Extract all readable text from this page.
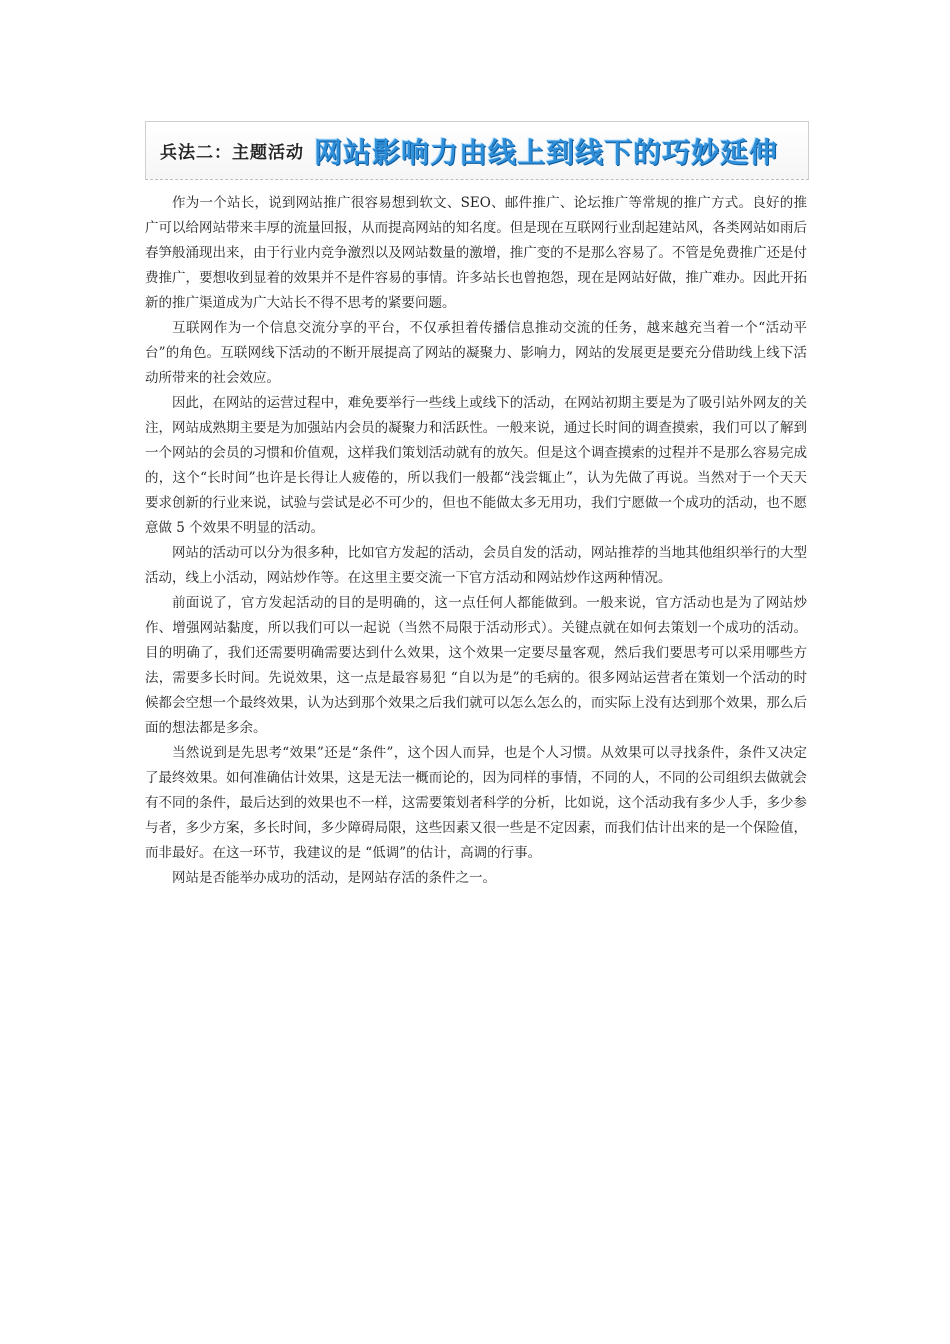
兵法二：主题活动 网站影响力由线上到线下的巧妙延伸

作为一个站长，说到网站推广很容易想到软文、SEO、邮件推广、论坛推广等常规的推广方式。良好的推广可以给网站带来丰厚的流量回报，从而提高网站的知名度。但是现在互联网行业刮起建站风，各类网站如雨后春笋般涌现出来，由于行业内竞争激烈以及网站数量的激增，推广变的不是那么容易了。不管是免费推广还是付费推广，要想收到显着的效果并不是件容易的事情。许多站长也曾抱怨，现在是网站好做，推广难办。因此开拓新的推广渠道成为广大站长不得不思考的紧要问题。

互联网作为一个信息交流分享的平台，不仅承担着传播信息推动交流的任务，越来越充当着一个“活动平台”的角色。互联网线下活动的不断开展提高了网站的凝聚力、影响力，网站的发展更是要充分借助线上线下活动所带来的社会效应。

因此，在网站的运营过程中，难免要举行一些线上或线下的活动，在网站初期主要是为了吸引站外网友的关注，网站成熟期主要是为加强站内会员的凝聚力和活跃性。一般来说，通过长时间的调查摸索，我们可以了解到一个网站的会员的习惯和价值观，这样我们策划活动就有的放矢。但是这个调查摸索的过程并不是那么容易完成的，这个“长时间”也许是长得让人疲倦的，所以我们一般都“浅尝辄止”，认为先做了再说。当然对于一个天天要求创新的行业来说，试验与尝试是必不可少的，但也不能做太多无用功，我们宁愿做一个成功的活动，也不愿意做 5 个效果不明显的活动。

网站的活动可以分为很多种，比如官方发起的活动，会员自发的活动，网站推荐的当地其他组织举行的大型活动，线上小活动，网站炒作等。在这里主要交流一下官方活动和网站炒作这两种情况。

前面说了，官方发起活动的目的是明确的，这一点任何人都能做到。一般来说，官方活动也是为了网站炒作、增强网站黏度，所以我们可以一起说（当然不局限于活动形式）。关键点就在如何去策划一个成功的活动。目的明确了，我们还需要明确需要达到什么效果，这个效果一定要尽量客观，然后我们要思考可以采用哪些方法，需要多长时间。先说效果，这一点是最容易犯 “自以为是”的毛病的。很多网站运营者在策划一个活动的时候都会空想一个最终效果，认为达到那个效果之后我们就可以怎么怎么的，而实际上没有达到那个效果，那么后面的想法都是多余。

当然说到是先思考“效果”还是“条件”，这个因人而异，也是个人习惯。从效果可以寻找条件，条件又决定了最终效果。如何准确估计效果，这是无法一概而论的，因为同样的事情，不同的人，不同的公司组织去做就会有不同的条件，最后达到的效果也不一样，这需要策划者科学的分析，比如说，这个活动我有多少人手，多少参与者，多少方案，多长时间，多少障碍局限，这些因素又很一些是不定因素，而我们估计出来的是一个保险值，而非最好。在这一环节，我建议的是 “低调”的估计，高调的行事。

网站是否能举办成功的活动，是网站存活的条件之一。
